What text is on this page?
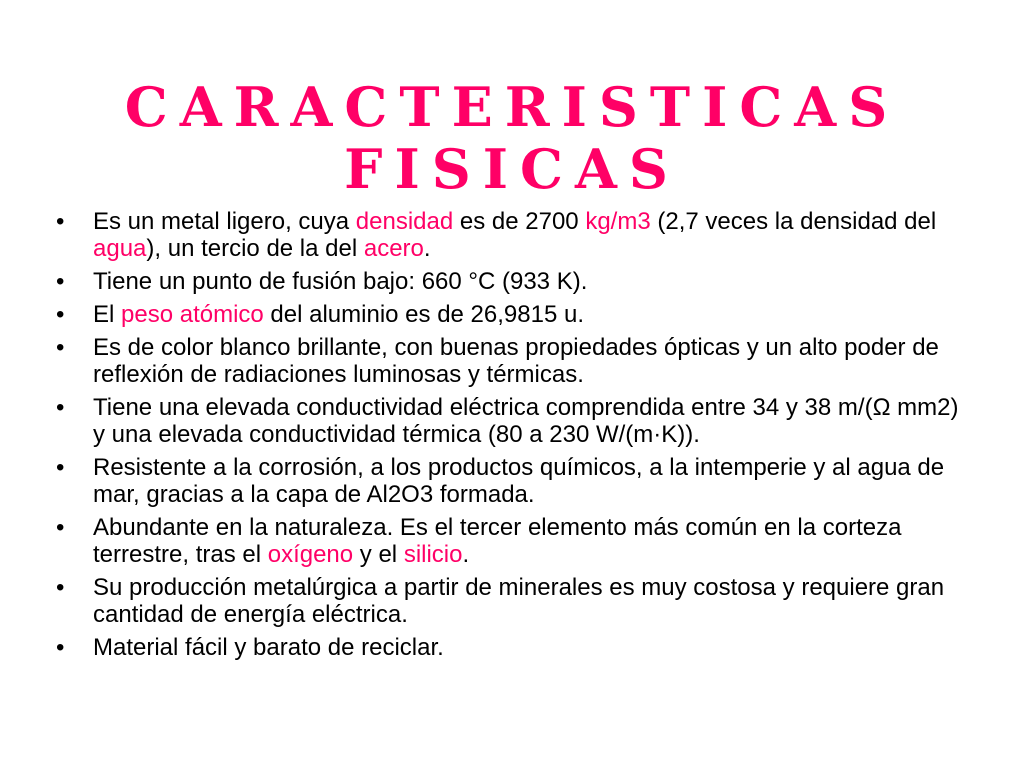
CARACTERISTICAS
FISICAS
• Es un metal ligero, cuya densidad es de 2700 kg/m3 (2,7 veces la densidad del agua), un tercio de la del acero.
• Tiene un punto de fusión bajo: 660 °C (933 K).
• El peso atómico del aluminio es de 26,9815 u.
• Es de color blanco brillante, con buenas propiedades ópticas y un alto poder de reflexión de radiaciones luminosas y térmicas.
• Tiene una elevada conductividad eléctrica comprendida entre 34 y 38 m/(Ω mm2) y una elevada conductividad térmica (80 a 230 W/(m·K)).
• Resistente a la corrosión, a los productos químicos, a la intemperie y al agua de mar, gracias a la capa de Al2O3 formada.
• Abundante en la naturaleza. Es el tercer elemento más común en la corteza terrestre, tras el oxígeno y el silicio.
• Su producción metalúrgica a partir de minerales es muy costosa y requiere gran cantidad de energía eléctrica.
• Material fácil y barato de reciclar.
